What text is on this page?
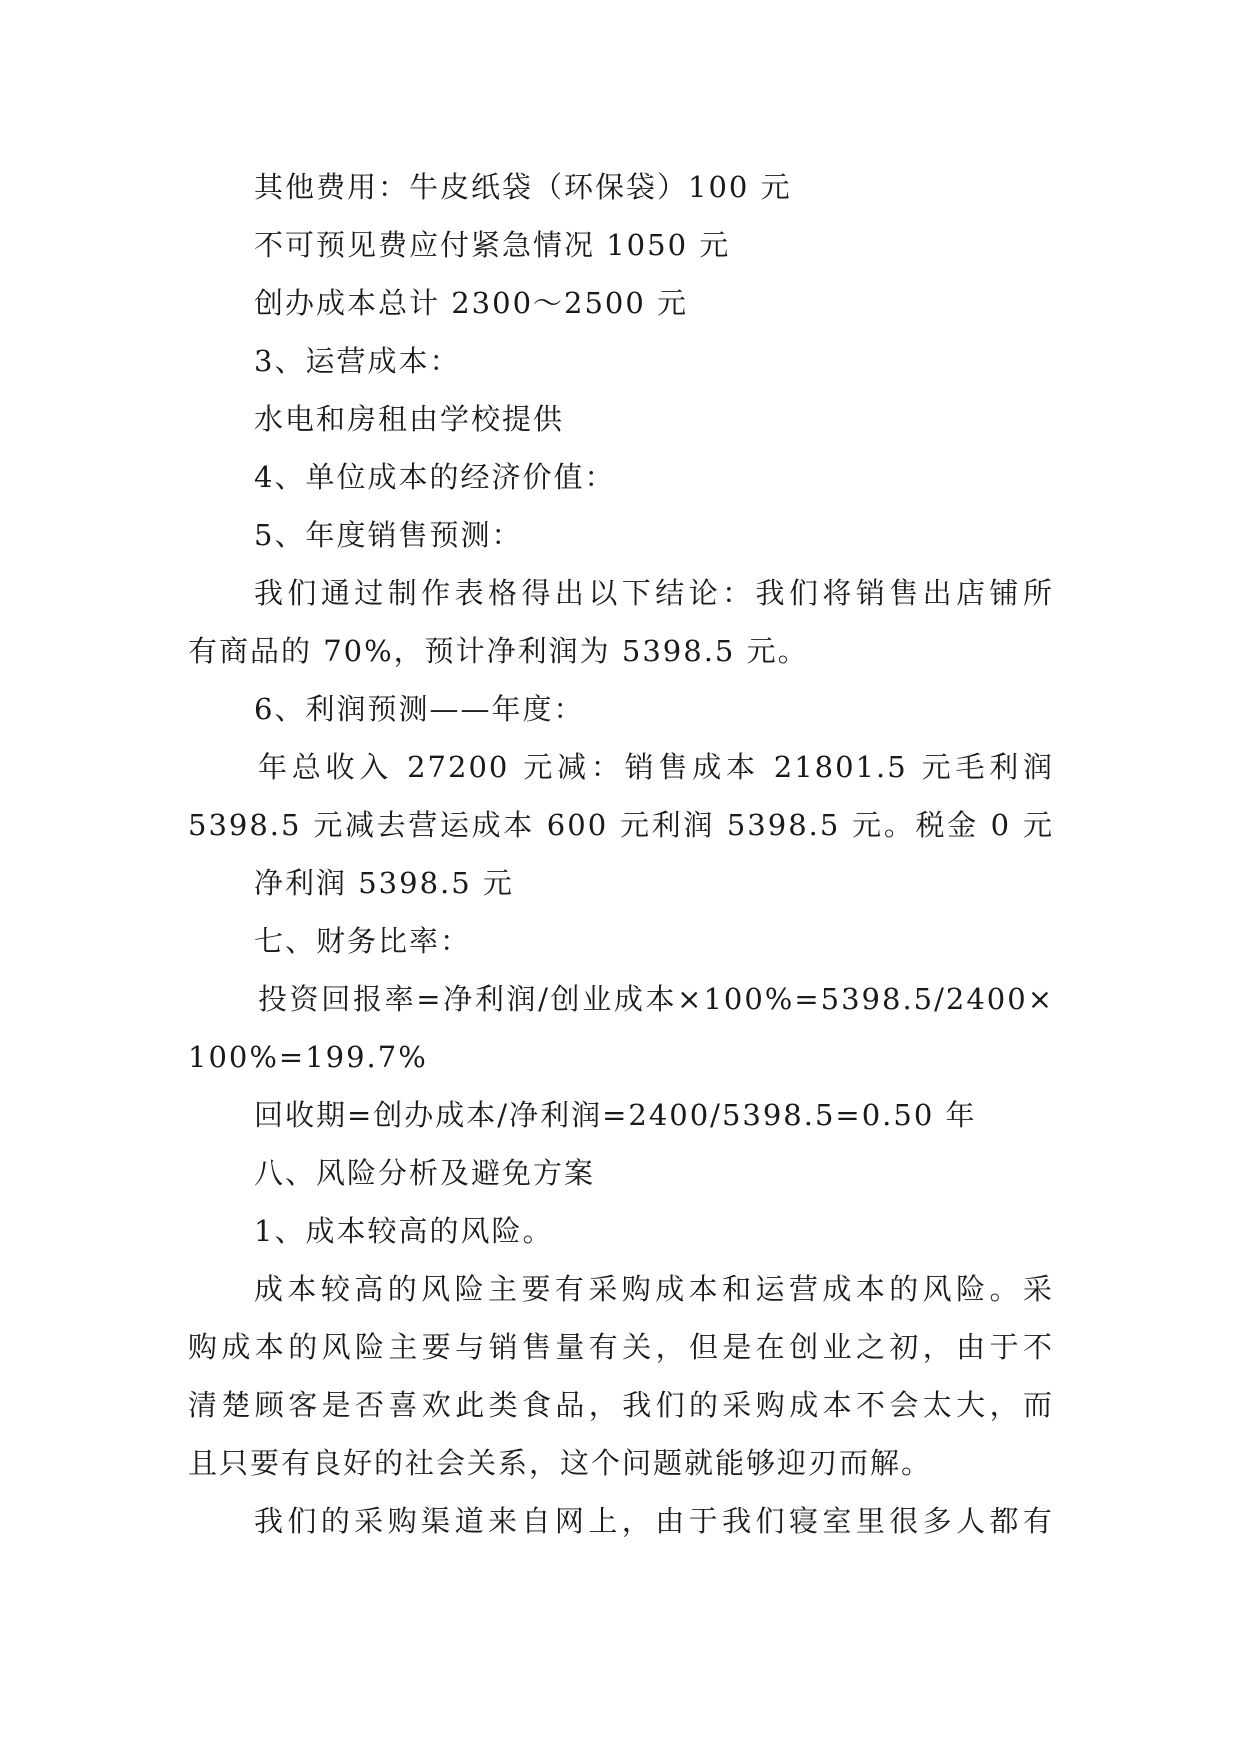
其他费用：牛皮纸袋（环保袋）100 元

不可预见费应付紧急情况 1050 元

创办成本总计 2300～2500 元

3、运营成本：

水电和房租由学校提供

4、单位成本的经济价值：

5、年度销售预测：

我们通过制作表格得出以下结论：我们将销售出店铺所

有商品的 70%，预计净利润为 5398.5 元。

6、利润预测——年度：

年总收入 27200 元减：销售成本 21801.5 元毛利润

5398.5 元减去营运成本 600 元利润 5398.5 元。税金 0 元

净利润 5398.5 元

七、财务比率：

投资回报率=净利润/创业成本×100%=5398.5/2400×

100%=199.7%

回收期=创办成本/净利润=2400/5398.5=0.50 年

八、风险分析及避免方案

1、成本较高的风险。

成本较高的风险主要有采购成本和运营成本的风险。采

购成本的风险主要与销售量有关，但是在创业之初，由于不

清楚顾客是否喜欢此类食品，我们的采购成本不会太大，而

且只要有良好的社会关系，这个问题就能够迎刃而解。

我们的采购渠道来自网上，由于我们寝室里很多人都有
